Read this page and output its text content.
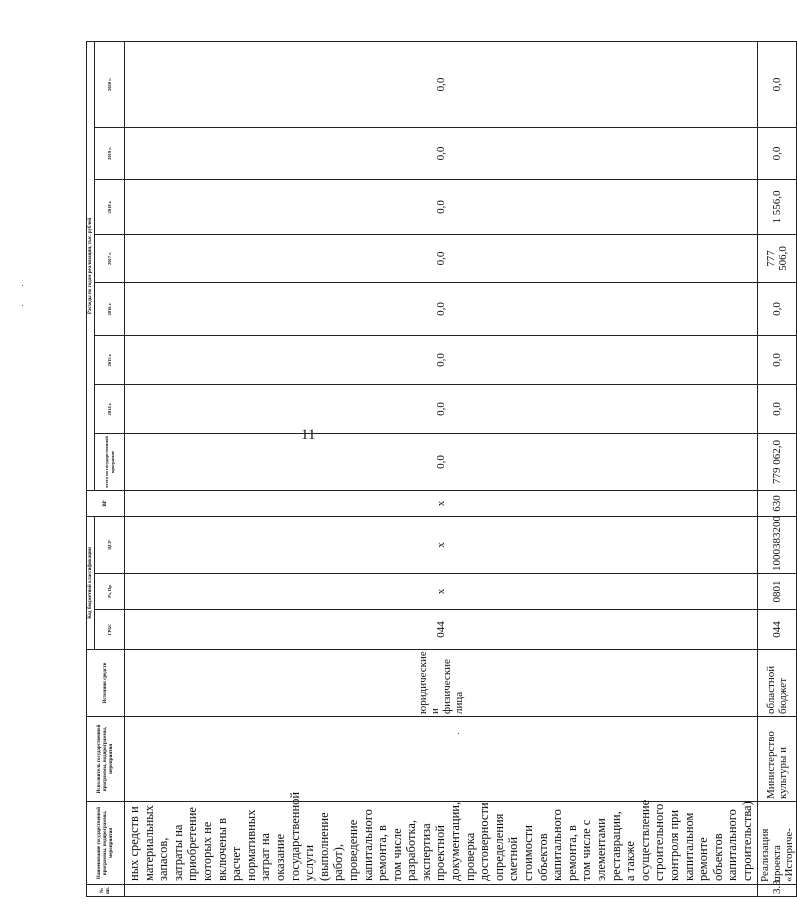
11
№ пп.	Наименование государственной программы, подпрограммы, мероприятия	Исполнитель государственной программы, подпрограммы, мероприятия	Источник средств	Код бюджетной классификации			ВР	Расходы по годам реализации, тыс. рублей							
				ГРБС	Рз, Пр	ЦСР		всего по государственной программе	2014 г.	2015 г.	2016 г.	2017 г.	2018 г.	2019 г.	2020 г.
	ных средств и материальных запасов, затраты на приобретение которых не включены в расчет нормативных затрат на оказание государственной услуги (выполнение работ), проведение капитального ремонта, в том числе разработка, экспертиза проектной документации, проверка достоверности определения сметной стоимости объектов капитального ремонта, в том числе с элементами реставрации, а также осуществление строительного контроля при капитальном ремонте объектов капитального строительства)		юридические и физические лица	044	x	x	x	0,0	0,0	0,0	0,0	0,0	0,0	0,0	0,0
3.3.	Реализация проекта «Историче-	Министерство культуры и	областной бюджет	044	0801	1000383200	630	779 062,0	0,0	0,0	0,0	777 506,0	1 556,0	0,0	0,0
